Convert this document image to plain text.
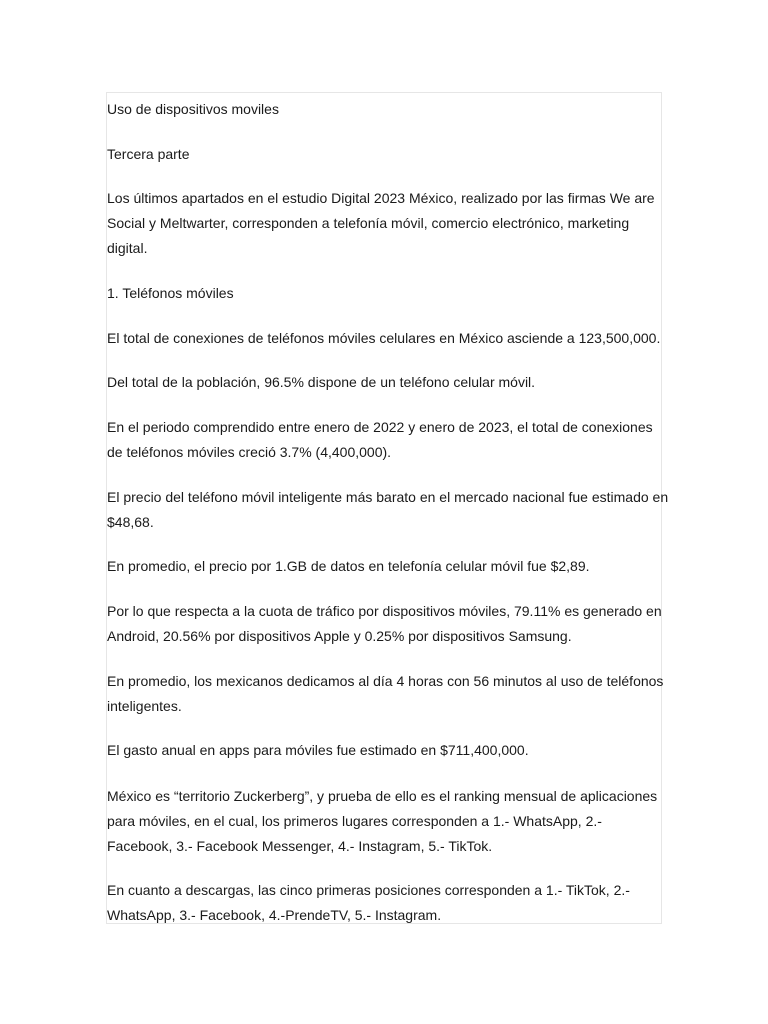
Uso de dispositivos moviles

Tercera parte

Los últimos apartados en el estudio Digital 2023 México, realizado por las firmas We are
Social y Meltwarter, corresponden a telefonía móvil, comercio electrónico, marketing
digital.

1. Teléfonos móviles

El total de conexiones de teléfonos móviles celulares en México asciende a 123,500,000.

Del total de la población, 96.5% dispone de un teléfono celular móvil.

En el periodo comprendido entre enero de 2022 y enero de 2023, el total de conexiones
de teléfonos móviles creció 3.7% (4,400,000).

El precio del teléfono móvil inteligente más barato en el mercado nacional fue estimado en
$48,68.

En promedio, el precio por 1.GB de datos en telefonía celular móvil fue $2,89.

Por lo que respecta a la cuota de tráfico por dispositivos móviles, 79.11% es generado en
Android, 20.56% por dispositivos Apple y 0.25% por dispositivos Samsung.

En promedio, los mexicanos dedicamos al día 4 horas con 56 minutos al uso de teléfonos
inteligentes.

El gasto anual en apps para móviles fue estimado en $711,400,000.

México es “territorio Zuckerberg”, y prueba de ello es el ranking mensual de aplicaciones
para móviles, en el cual, los primeros lugares corresponden a 1.- WhatsApp, 2.-
Facebook, 3.- Facebook Messenger, 4.- Instagram, 5.- TikTok.

En cuanto a descargas, las cinco primeras posiciones corresponden a 1.- TikTok, 2.-
WhatsApp, 3.- Facebook, 4.-PrendeTV, 5.- Instagram.
